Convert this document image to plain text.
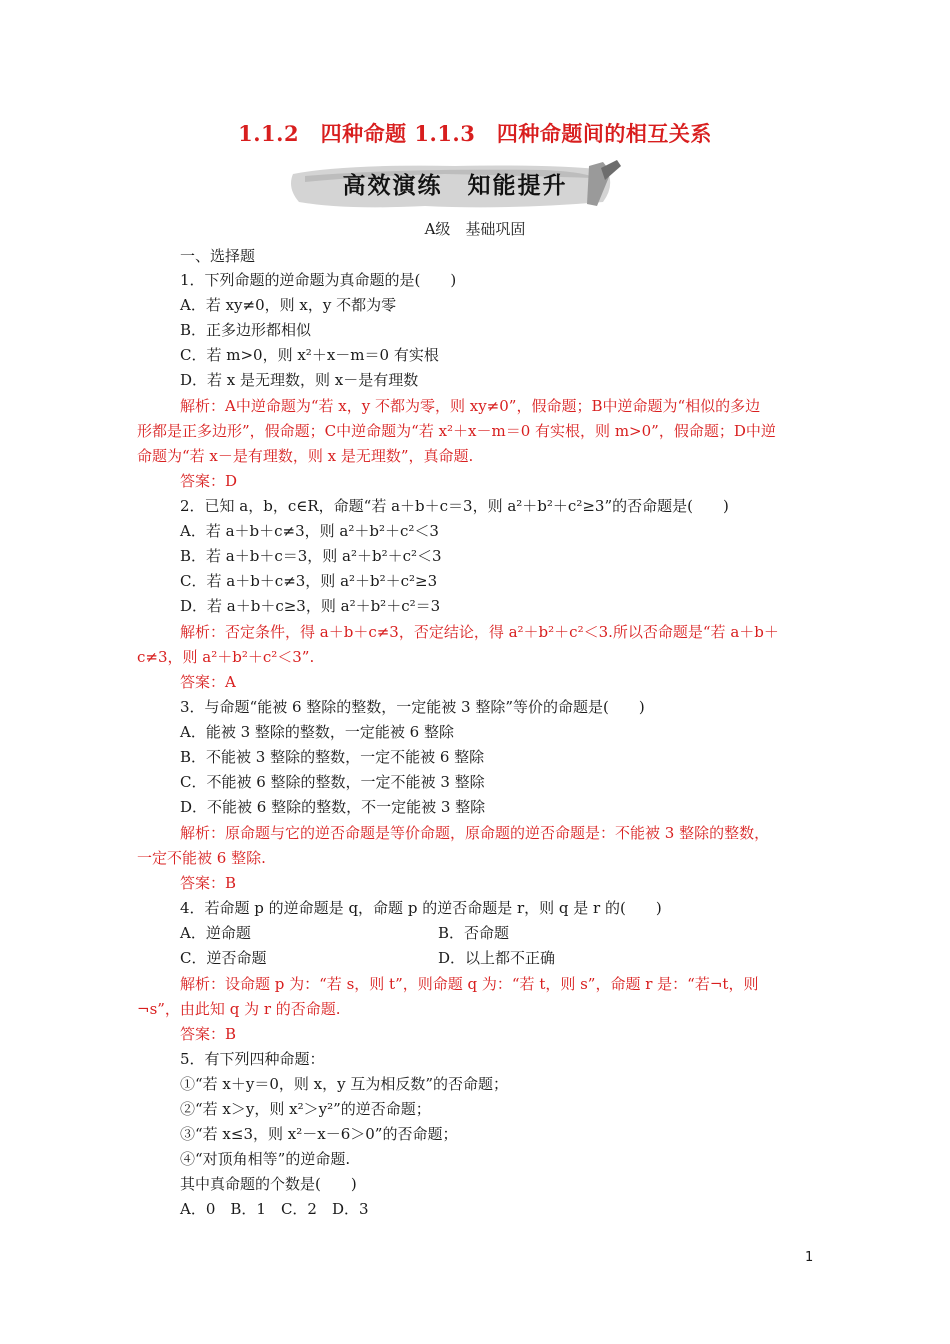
1.1.2　四种命题 1.1.3　四种命题间的相互关系
高效演练　知能提升
A级　基础巩固
一、选择题
1．下列命题的逆命题为真命题的是(　　)
A．若 xy≠0，则 x，y 不都为零
B．正多边形都相似
C．若 m>0，则 x²＋x－m＝0 有实根
D．若 x 是无理数，则 x－是有理数
解析：A中逆命题为“若 x，y 不都为零，则 xy≠0”，假命题；B中逆命题为“相似的多边
形都是正多边形”，假命题；C中逆命题为“若 x²＋x－m＝0 有实根，则 m>0”，假命题；D中逆
命题为“若 x－是有理数，则 x 是无理数”，真命题.
答案：D
2．已知 a，b，c∈R，命题“若 a＋b＋c＝3，则 a²＋b²＋c²≥3”的否命题是(　　)
A．若 a＋b＋c≠3，则 a²＋b²＋c²＜3
B．若 a＋b＋c＝3，则 a²＋b²＋c²＜3
C．若 a＋b＋c≠3，则 a²＋b²＋c²≥3
D．若 a＋b＋c≥3，则 a²＋b²＋c²＝3
解析：否定条件，得 a＋b＋c≠3，否定结论，得 a²＋b²＋c²＜3.所以否命题是“若 a＋b＋
c≠3，则 a²＋b²＋c²＜3”.
答案：A
3．与命题“能被 6 整除的整数，一定能被 3 整除”等价的命题是(　　)
A．能被 3 整除的整数，一定能被 6 整除
B．不能被 3 整除的整数，一定不能被 6 整除
C．不能被 6 整除的整数，一定不能被 3 整除
D．不能被 6 整除的整数，不一定能被 3 整除
解析：原命题与它的逆否命题是等价命题，原命题的逆否命题是：不能被 3 整除的整数，
一定不能被 6 整除.
答案：B
4．若命题 p 的逆命题是 q，命题 p 的逆否命题是 r，则 q 是 r 的(　　)
A．逆命题	B．否命题
C．逆否命题	D．以上都不正确
解析：设命题 p 为：“若 s，则 t”，则命题 q 为：“若 t，则 s”，命题 r 是：“若¬t，则
¬s”，由此知 q 为 r 的否命题.
答案：B
5．有下列四种命题：
①“若 x＋y＝0，则 x，y 互为相反数”的否命题；
②“若 x＞y，则 x²＞y²”的逆否命题；
③“若 x≤3，则 x²－x－6＞0”的否命题；
④“对顶角相等”的逆命题.
其中真命题的个数是(　　)
A．0　B．1　C．2　D．3
1
